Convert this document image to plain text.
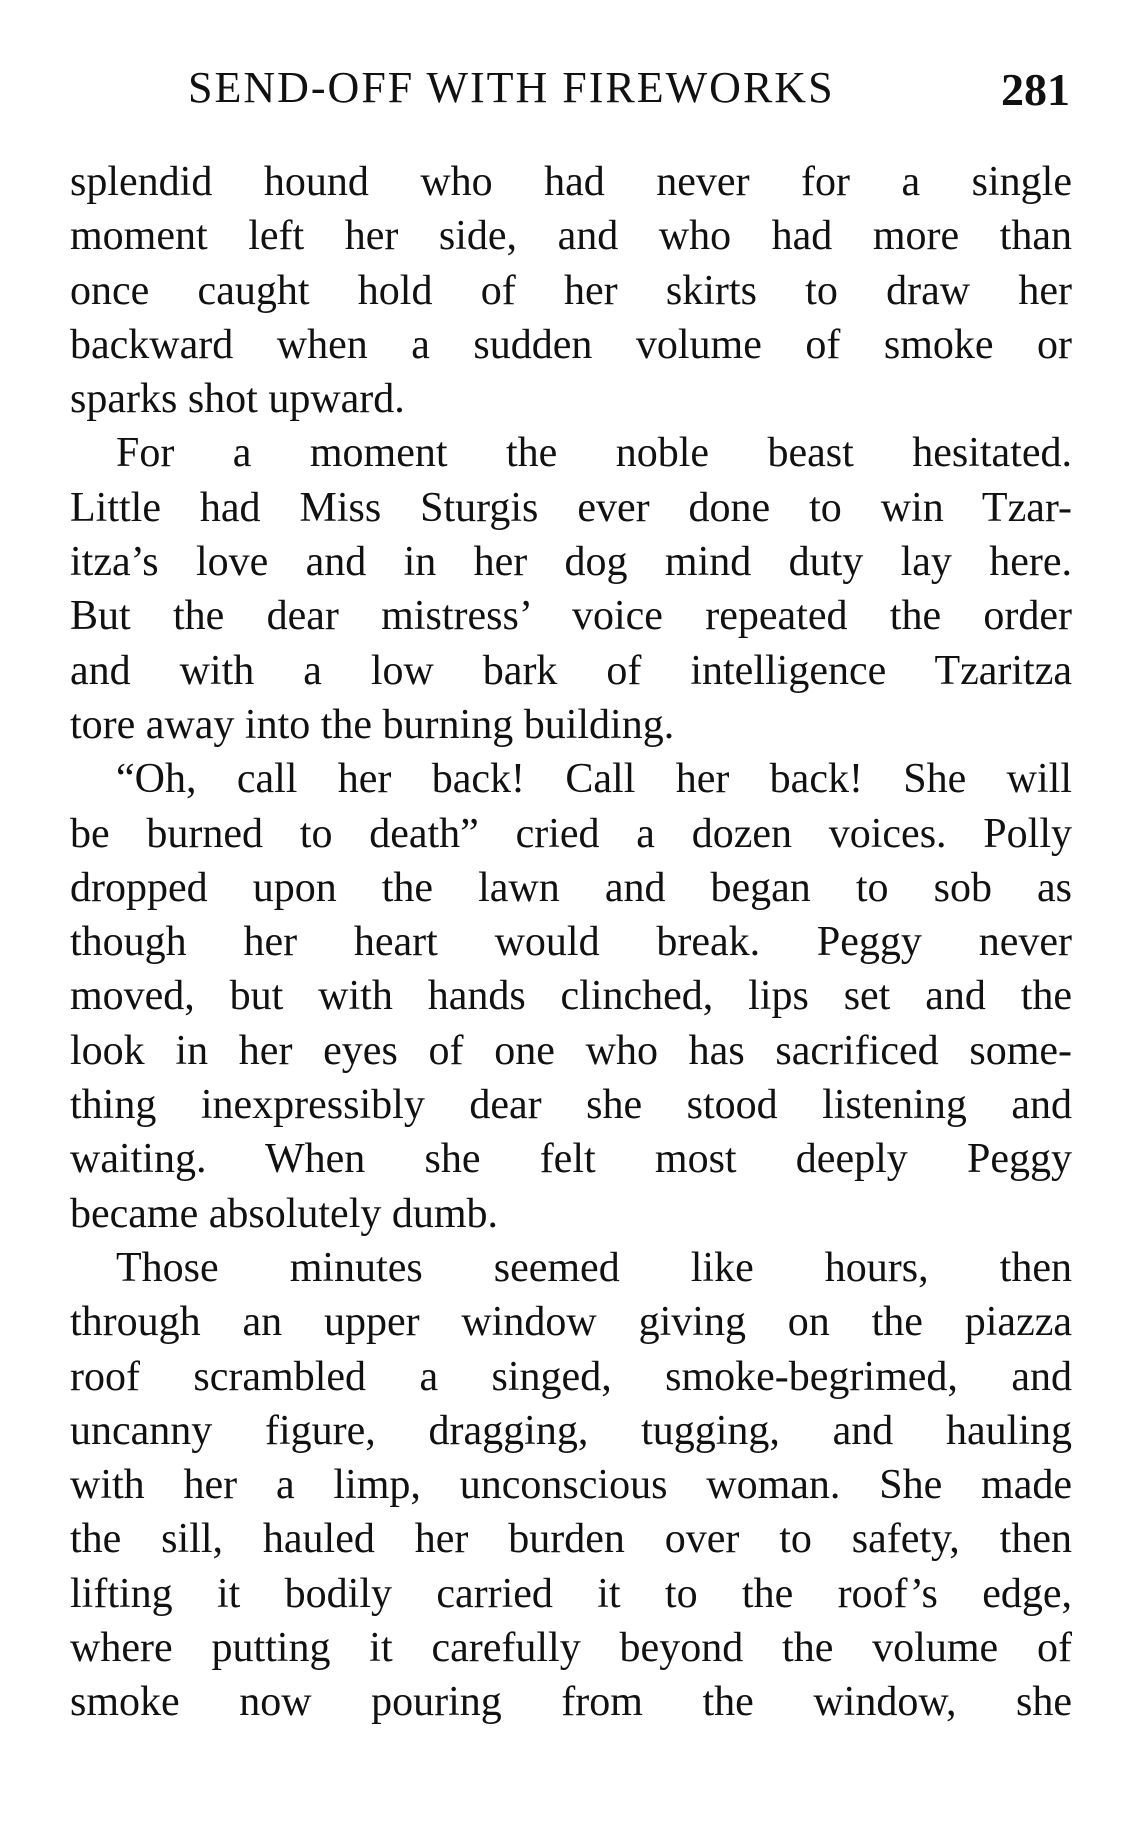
SEND-OFF WITH FIREWORKS	281
splendid hound who had never for a single
moment left her side, and who had more than
once caught hold of her skirts to draw her
backward when a sudden volume of smoke or
sparks shot upward.
For a moment the noble beast hesitated.
Little had Miss Sturgis ever done to win Tzar-
itza’s love and in her dog mind duty lay here.
But the dear mistress’ voice repeated the order
and with a low bark of intelligence Tzaritza
tore away into the burning building.
“Oh, call her back! Call her back! She will
be burned to death” cried a dozen voices. Polly
dropped upon the lawn and began to sob as
though her heart would break. Peggy never
moved, but with hands clinched, lips set and the
look in her eyes of one who has sacrificed some-
thing inexpressibly dear she stood listening and
waiting. When she felt most deeply Peggy
became absolutely dumb.
Those minutes seemed like hours, then
through an upper window giving on the piazza
roof scrambled a singed, smoke-begrimed, and
uncanny figure, dragging, tugging, and hauling
with her a limp, unconscious woman. She made
the sill, hauled her burden over to safety, then
lifting it bodily carried it to the roof’s edge,
where putting it carefully beyond the volume of
smoke now pouring from the window, she
